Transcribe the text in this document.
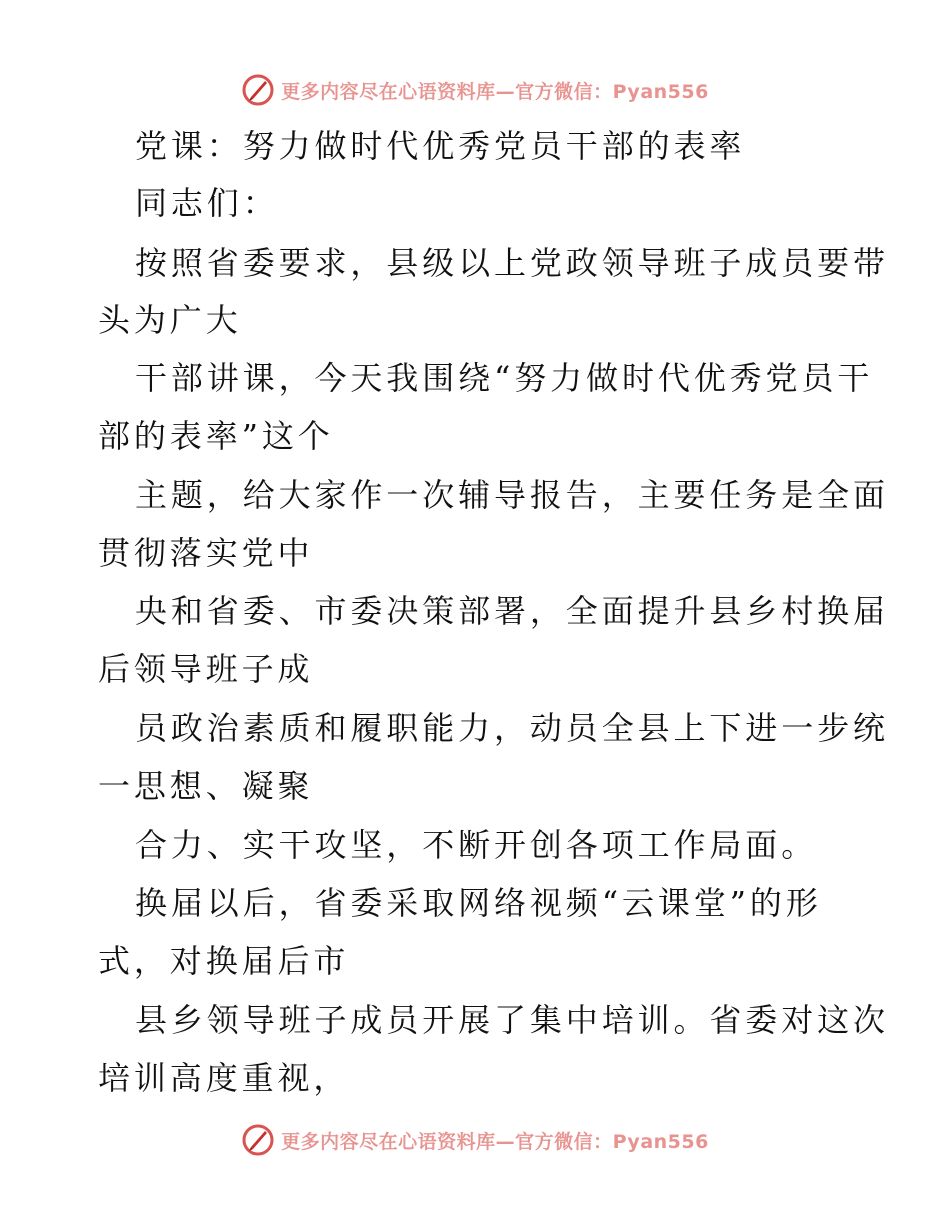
更多内容尽在心语资料库—官方微信：Pyan556
党课：努力做时代优秀党员干部的表率
同志们：
按照省委要求，县级以上党政领导班子成员要带
头为广大
干部讲课，今天我围绕“努力做时代优秀党员干
部的表率”这个
主题，给大家作一次辅导报告，主要任务是全面
贯彻落实党中
央和省委、市委决策部署，全面提升县乡村换届
后领导班子成
员政治素质和履职能力，动员全县上下进一步统
一思想、凝聚
合力、实干攻坚，不断开创各项工作局面。
换届以后，省委采取网络视频“云课堂”的形
式，对换届后市
县乡领导班子成员开展了集中培训。省委对这次
培训高度重视，
更多内容尽在心语资料库—官方微信：Pyan556
